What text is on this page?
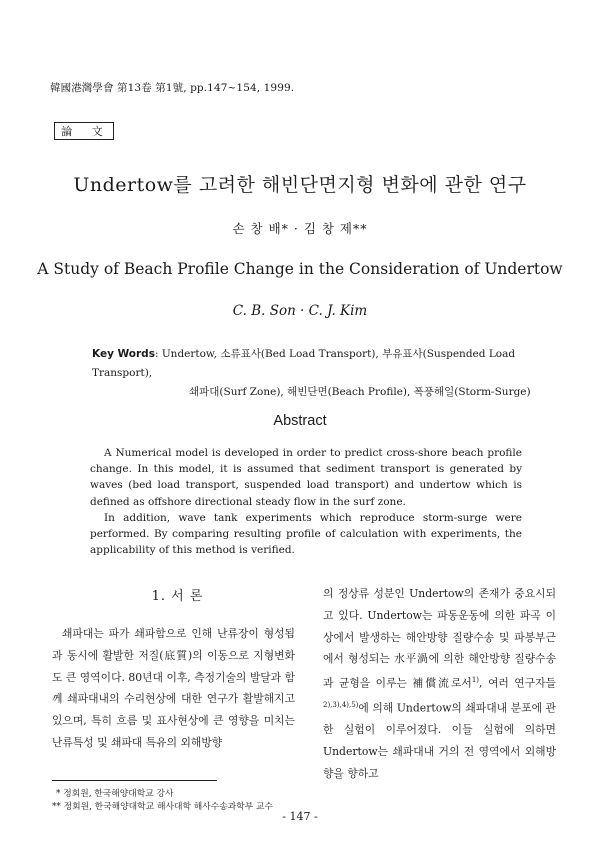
韓國港灣學會 第13卷 第1號, pp.147~154, 1999.
論 文
Undertow를 고려한 해빈단면지형 변화에 관한 연구
손 창 배* · 김 창 제**
A Study of Beach Profile Change in the Consideration of Undertow
C. B. Son · C. J. Kim
Key Words: Undertow, 소류표사(Bed Load Transport), 부유표사(Suspended Load Transport),
쇄파대(Surf Zone), 해빈단면(Beach Profile), 폭풍해일(Storm-Surge)
Abstract

A Numerical model is developed in order to predict cross-shore beach profile change. In this model, it is assumed that sediment transport is generated by waves (bed load transport, suspended load transport) and undertow which is defined as offshore directional steady flow in the surf zone.

In addition, wave tank experiments which reproduce storm-surge were performed. By comparing resulting profile of calculation with experiments, the applicability of this method is verified.

1. 서 론

쇄파대는 파가 쇄파함으로 인해 난류장이 형성됨과 동시에 활발한 저질(底質)의 이동으로 지형변화도 큰 영역이다. 80년대 이후, 측정기술의 발달과 함께 쇄파대내의 수리현상에 대한 연구가 활발해지고 있으며, 특히 흐름 및 표사현상에 큰 영향을 미치는 난류특성 및 쇄파대 특유의 외해방향

의 정상류 성분인 Undertow의 존재가 중요시되고 있다. Undertow는 파동운동에 의한 파곡 이상에서 발생하는 해안방향 질량수송 및 파봉부근에서 형성되는 水平渦에 의한 해안방향 질량수송과 균형을 이루는 補償流로서$^{1)}$, 여러 연구자들$^{2),3),4),5)}$에 의해 Undertow의 쇄파대내 분포에 관한 실험이 이루어졌다. 이들 실험에 의하면 Undertow는 쇄파대내 거의 전 영역에서 외해방향을 향하고

* 정회원, 한국해양대학교 강사
** 정회원, 한국해양대학교 해사대학 해사수송과학부 교수
- 147 -
